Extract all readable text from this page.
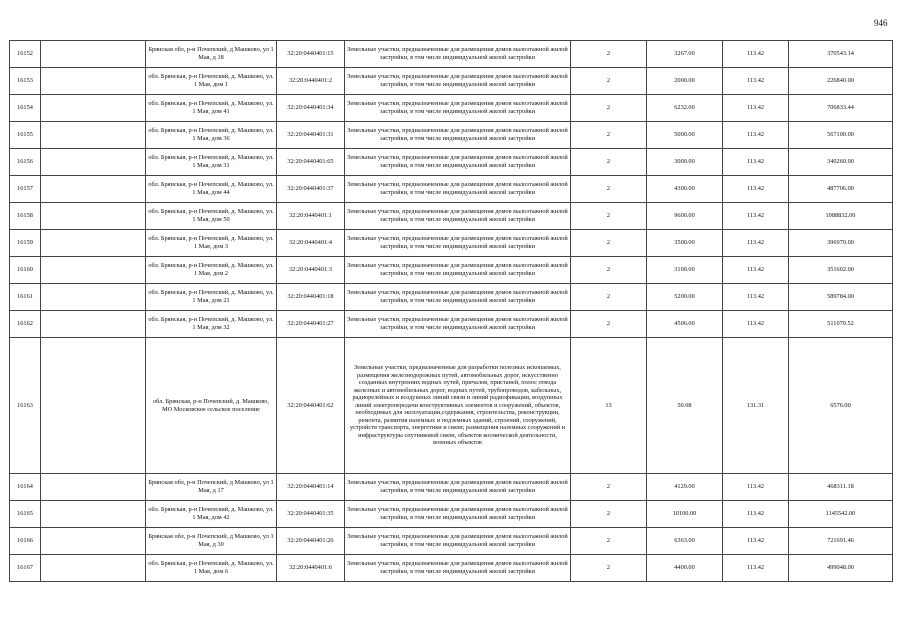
946
16152		Брянская обл, р-н Почепский, д Машково, ул 1 Мая, д 18	32:20:0440401:15	Земельные участки, предназначенные для размещения домов малоэтажной жилой застройки, в том числе индивидуальной жилой застройки	2	3267.00	113.42	370543.14
16153		обл. Брянская, р-н Почепский, д. Машково, ул. 1 Мая, дом 1	32:20:0440401:2	Земельные участки, предназначенные для размещения домов малоэтажной жилой застройки, в том числе индивидуальной жилой застройки	2	2000.00	113.42	226840.00
16154		обл. Брянская, р-н Почепский, д. Машково, ул. 1 Мая, дом 41	32:20:0440401:34	Земельные участки, предназначенные для размещения домов малоэтажной жилой застройки, в том числе индивидуальной жилой застройки	2	6232.00	113.42	706833.44
16155		обл. Брянская, р-н Почепский, д. Машково, ул. 1 Мая, дом 36	32:20:0440401:31	Земельные участки, предназначенные для размещения домов малоэтажной жилой застройки, в том числе индивидуальной жилой застройки	2	5000.00	113.42	567100.00
16156		обл. Брянская, р-н Почепский, д. Машково, ул. 1 Мая, дом 31	32:20:0440401:65	Земельные участки, предназначенные для размещения домов малоэтажной жилой застройки, в том числе индивидуальной жилой застройки	2	3000.00	113.42	340260.00
16157		обл. Брянская, р-н Почепский, д. Машково, ул. 1 Мая, дом 44	32:20:0440401:37	Земельные участки, предназначенные для размещения домов малоэтажной жилой застройки, в том числе индивидуальной жилой застройки	2	4300.00	113.42	487706.00
16158		обл. Брянская, р-н Почепский, д. Машково, ул. 1 Мая, дом 50	32:20:0440401:1	Земельные участки, предназначенные для размещения домов малоэтажной жилой застройки, в том числе индивидуальной жилой застройки	2	9600.00	113.42	1088832.00
16159		обл. Брянская, р-н Почепский, д. Машково, ул. 1 Мая, дом 3	32:20:0440401:4	Земельные участки, предназначенные для размещения домов малоэтажной жилой застройки, в том числе индивидуальной жилой застройки	2	3500.00	113.42	396970.00
16160		обл. Брянская, р-н Почепский, д. Машково, ул. 1 Мая, дом 2	32:20:0440401:3	Земельные участки, предназначенные для размещения домов малоэтажной жилой застройки, в том числе индивидуальной жилой застройки	2	3100.00	113.42	351602.00
16161		обл. Брянская, р-н Почепский, д. Машково, ул. 1 Мая, дом 21	32:20:0440401:18	Земельные участки, предназначенные для размещения домов малоэтажной жилой застройки, в том числе индивидуальной жилой застройки	2	5200.00	113.42	589784.00
16162		обл. Брянская, р-н Почепский, д. Машково, ул. 1 Мая, дом 32	32:20:0440401:27	Земельные участки, предназначенные для размещения домов малоэтажной жилой застройки, в том числе индивидуальной жилой застройки	2	4506.00	113.42	511070.52
16163		обл. Брянская, р-н Почепский, д. Машково, МО Московское сельское поселение	32:20:0440401:62	Земельные участки, предназначенные для разработки полезных ископаемых, размещения железнодорожных путей, автомобильных дорог, искусственно созданных внутренних водных путей, причалов, пристаней, полос отвода железных и автомобильных дорог, водных путей, трубопроводов, кабельных, радиорелейных и воздушных линий связи и линий радиофикации, воздушных линий электропередачи конструктивных элементов и сооружений, объектов, необходимых для эксплуатации,содержания, строительства, реконструкции, ремонта, развития наземных и подземных зданий, строений, сооружений, устройств транспорта, энергетики и связи; размещения наземных сооружений и инфраструктуры спутниковой связи, объектов космической деятельности, военных объектов	13	50.08	131.31	6576.00
16164		Брянская обл, р-н Почепский, д Машково, ул 1 Мая, д 17	32:20:0440401:14	Земельные участки, предназначенные для размещения домов малоэтажной жилой застройки, в том числе индивидуальной жилой застройки	2	4129.00	113.42	468311.18
16165		обл. Брянская, р-н Почепский, д. Машково, ул. 1 Мая, дом 42	32:20:0440401:35	Земельные участки, предназначенные для размещения домов малоэтажной жилой застройки, в том числе индивидуальной жилой застройки	2	10100.00	113.42	1145542.00
16166		Брянская обл, р-н Почепский, д Машково, ул 1 Мая, д 30	32:20:0440401:26	Земельные участки, предназначенные для размещения домов малоэтажной жилой застройки, в том числе индивидуальной жилой застройки	2	6363.00	113.42	721691.46
16167		обл. Брянская, р-н Почепский, д. Машково, ул. 1 Мая, дом 6	32:20:0440401:6	Земельные участки, предназначенные для размещения домов малоэтажной жилой застройки, в том числе индивидуальной жилой застройки	2	4400.00	113.42	499048.00
